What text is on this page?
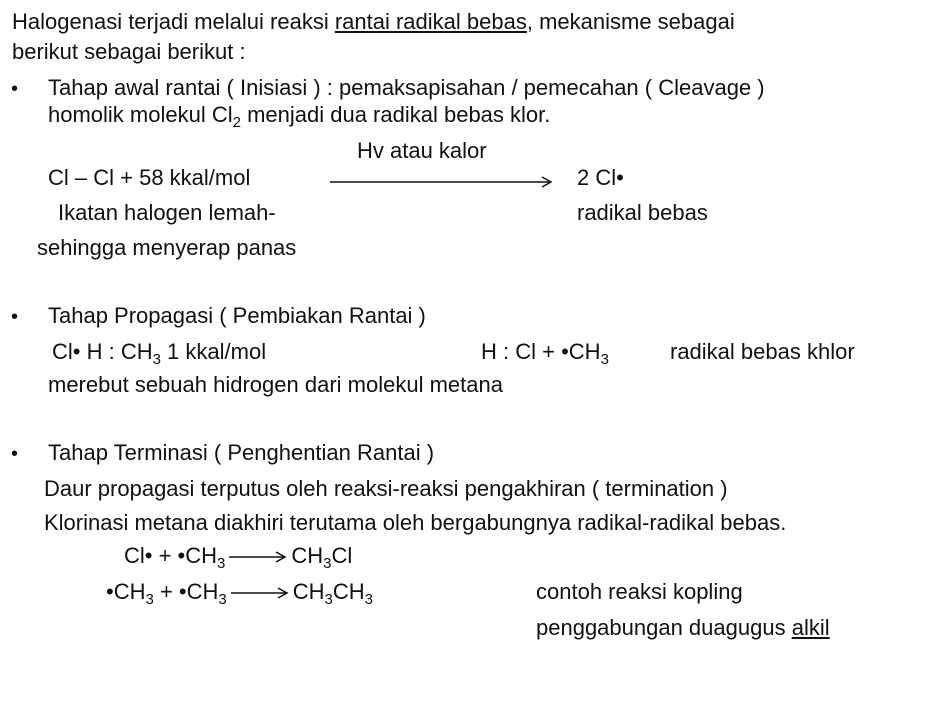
Halogenasi terjadi melalui reaksi rantai radikal bebas, mekanisme sebagai
berikut sebagai berikut :
• Tahap awal rantai ( Inisiasi ) : pemaksapisahan / pemecahan ( Cleavage )
homolik molekul $Cl_2$ menjadi dua radikal bebas klor.
Hv atau kalor
Cl – Cl + 58 kkal/mol	2 Cl•
Ikatan halogen lemah-	radikal bebas
sehingga menyerap panas
• Tahap Propagasi ( Pembiakan Rantai )
Cl• H : $CH_3$ 1 kkal/mol	H : $Cl + •CH_3$	radikal bebas khlor
merebut sebuah hidrogen dari molekul metana
• Tahap Terminasi ( Penghentian Rantai )
Daur propagasi terputus oleh reaksi-reaksi pengakhiran ( termination )
Klorinasi metana diakhiri terutama oleh bergabungnya radikal-radikal bebas.
Cl• + $•CH_3 \to CH_3Cl$
$•CH_3$ + $•CH_3 \to CH_3CH_3$	contoh reaksi kopling
penggabungan duagugus alkil
